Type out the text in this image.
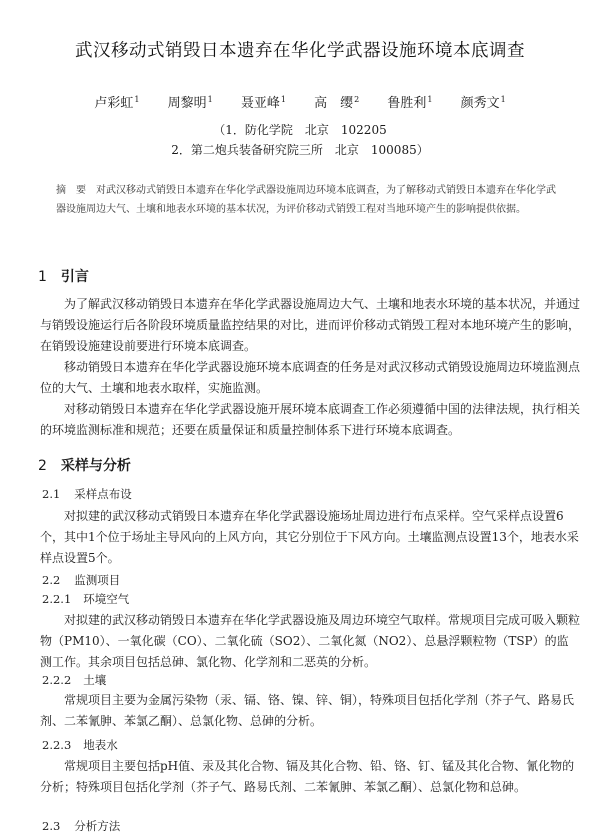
武汉移动式销毁日本遗弃在华化学武器设施环境本底调查
卢彩虹$^1$ 周黎明$^1$ 聂亚峰$^1$ 高　缨$^2$ 鲁胜利$^1$ 颜秀文$^1$
（1．防化学院　北京　102205
2．第二炮兵装备研究院三所　北京　100085）
摘　要 对武汉移动式销毁日本遗弃在华化学武器设施周边环境本底调查，为了解移动式销毁日本遗弃在华化学武器设施周边大气、土壤和地表水环境的基本状况，为评价移动式销毁工程对当地环境产生的影响提供依据。
1 引言
为了解武汉移动销毁日本遗弃在华化学武器设施周边大气、土壤和地表水环境的基本状况，并通过与销毁设施运行后各阶段环境质量监控结果的对比，进而评价移动式销毁工程对本地环境产生的影响，在销毁设施建设前要进行环境本底调查。
移动销毁日本遗弃在华化学武器设施环境本底调查的任务是对武汉移动式销毁设施周边环境监测点位的大气、土壤和地表水取样，实施监测。
对移动销毁日本遗弃在华化学武器设施开展环境本底调查工作必须遵循中国的法律法规，执行相关的环境监测标准和规范；还要在质量保证和质量控制体系下进行环境本底调查。
2 采样与分析
2.1 采样点布设
对拟建的武汉移动式销毁日本遗弃在华化学武器设施场址周边进行布点采样。空气采样点设置6个，其中1个位于场址主导风向的上风方向，其它分别位于下风方向。土壤监测点设置13个，地表水采样点设置5个。
2.2 监测项目
2.2.1 环境空气
对拟建的武汉移动销毁日本遗弃在华化学武器设施及周边环境空气取样。常规项目完成可吸入颗粒物（PM10）、一氧化碳（CO）、二氧化硫（SO2）、二氧化氮（NO2）、总悬浮颗粒物（TSP）的监测工作。其余项目包括总砷、氯化物、化学剂和二恶英的分析。
2.2.2 土壤
常规项目主要为金属污染物（汞、镉、铬、镍、锌、铜），特殊项目包括化学剂（芥子气、路易氏剂、二苯氰胂、苯氯乙酮）、总氯化物、总砷的分析。
2.2.3 地表水
常规项目主要包括pH值、汞及其化合物、镉及其化合物、铅、铬、钉、锰及其化合物、氰化物的分析；特殊项目包括化学剂（芥子气、路易氏剂、二苯氰胂、苯氯乙酮）、总氯化物和总砷。
2.3 分析方法
